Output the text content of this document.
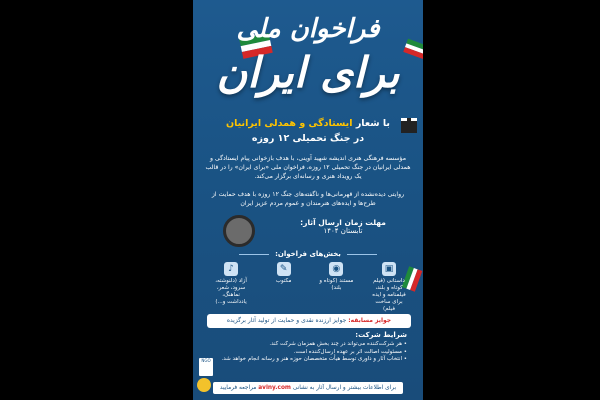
فراخوان ملی
برای ایران
با شعار ایستادگی و همدلی ایرانیان
در جنگ تحمیلی ۱۲ روزه
مؤسسه فرهنگی هنری اندیشه شهید آوینی، با هدف بازخوانی پیام ایستادگی و همدلی ایرانیان در جنگ تحمیلی ۱۲ روزه، فراخوان ملی «برای ایران» را در قالب یک رویداد هنری و رسانه‌ای برگزار می‌کند.
روایتی دیده‌نشده از قهرمانی‌ها و ناگفته‌های جنگ ۱۲ روزه با هدف حمایت از طرح‌ها و ایده‌های هنرمندان و عموم مردم عزیز ایران
مهلت زمان ارسال آثار:
تابستان ۱۴۰۴
بخش‌های فراخوان:
▣
داستانی (فیلم کوتاه و بلند، فیلمنامه و ایده برای ساخت فیلم)
◉
مستند (کوتاه و بلند)
✎
مکتوب
♪
آزاد (دلنوشته، سرود، شعر، نماهنگ، یادداشت و...)
جوایز مسابقه: جوایز ارزنده نقدی و حمایت از تولید آثار برگزیده
شرایط شرکت:
• هر شرکت‌کننده می‌تواند در چند بخش همزمان شرکت کند.
• مسئولیت اصالت اثر بر عهده ارسال‌کننده است.
• انتخاب آثار و داوری توسط هیأت متخصصان حوزه هنر و رسانه انجام خواهد شد.
NGO
برای اطلاعات بیشتر و ارسال آثار به نشانی aviny.com مراجعه فرمایید
